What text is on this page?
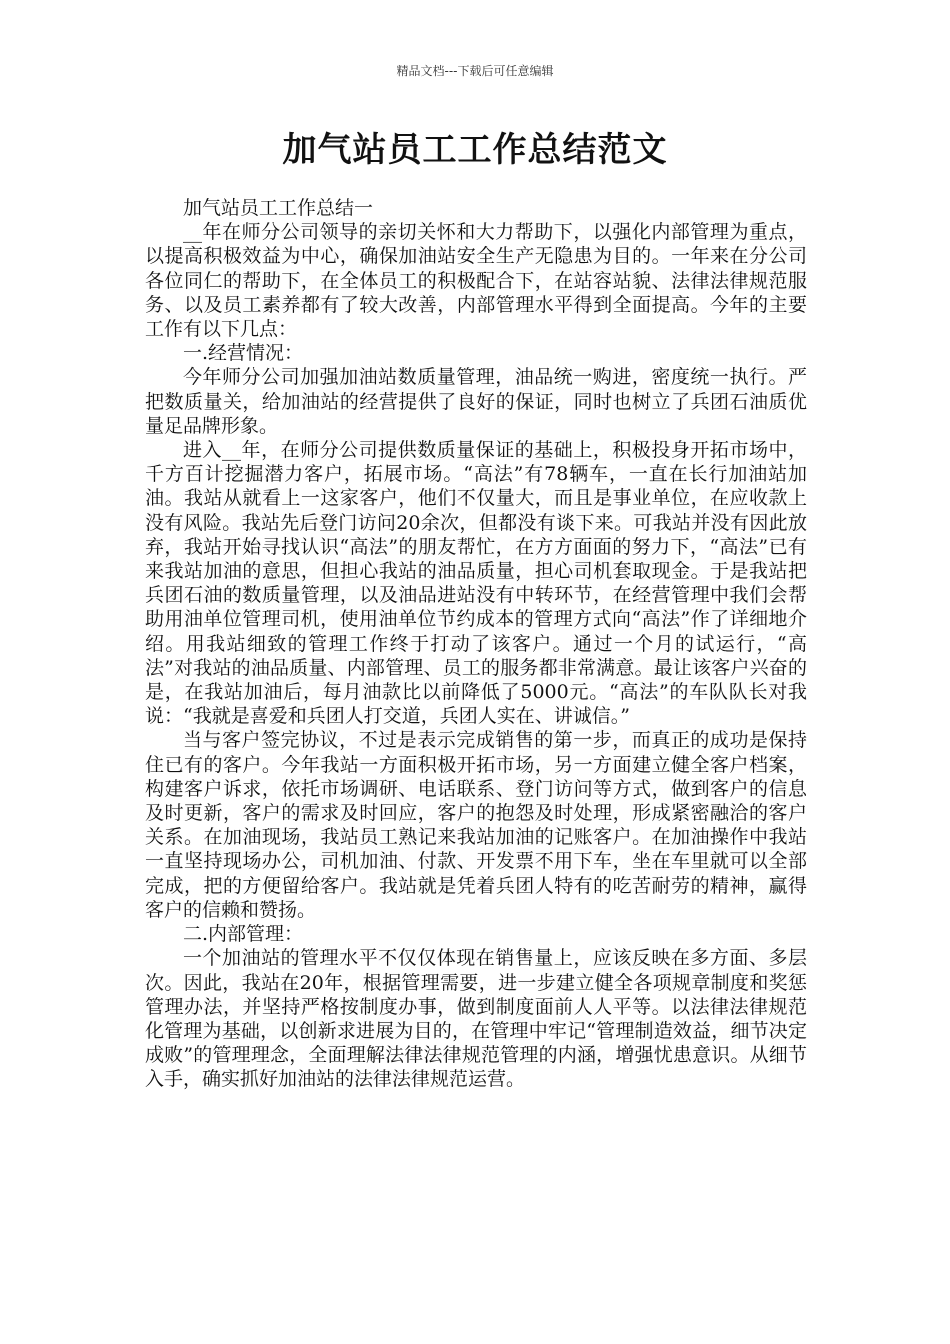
精品文档---下载后可任意编辑
加气站员工工作总结范文

加气站员工工作总结一

__年在师分公司领导的亲切关怀和大力帮助下，以强化内部管理为重点，以提高积极效益为中心，确保加油站安全生产无隐患为目的。一年来在分公司各位同仁的帮助下，在全体员工的积极配合下，在站容站貌、法律法律规范服务、以及员工素养都有了较大改善，内部管理水平得到全面提高。今年的主要工作有以下几点：

一.经营情况：

今年师分公司加强加油站数质量管理，油品统一购进，密度统一执行。严把数质量关，给加油站的经营提供了良好的保证，同时也树立了兵团石油质优量足品牌形象。

进入__年，在师分公司提供数质量保证的基础上，积极投身开拓市场中，千方百计挖掘潜力客户，拓展市场。“高法”有78辆车，一直在长行加油站加油。我站从就看上一这家客户，他们不仅量大，而且是事业单位，在应收款上没有风险。我站先后登门访问20余次，但都没有谈下来。可我站并没有因此放弃，我站开始寻找认识“高法”的朋友帮忙，在方方面面的努力下，“高法”已有来我站加油的意思，但担心我站的油品质量，担心司机套取现金。于是我站把兵团石油的数质量管理，以及油品进站没有中转环节，在经营管理中我们会帮助用油单位管理司机，使用油单位节约成本的管理方式向“高法”作了详细地介绍。用我站细致的管理工作终于打动了该客户。通过一个月的试运行，“高法”对我站的油品质量、内部管理、员工的服务都非常满意。最让该客户兴奋的是，在我站加油后，每月油款比以前降低了5000元。“高法”的车队队长对我说：“我就是喜爱和兵团人打交道，兵团人实在、讲诚信。”

当与客户签完协议，不过是表示完成销售的第一步，而真正的成功是保持住已有的客户。今年我站一方面积极开拓市场，另一方面建立健全客户档案，构建客户诉求，依托市场调研、电话联系、登门访问等方式，做到客户的信息及时更新，客户的需求及时回应，客户的抱怨及时处理，形成紧密融洽的客户关系。在加油现场，我站员工熟记来我站加油的记账客户。在加油操作中我站一直坚持现场办公，司机加油、付款、开发票不用下车，坐在车里就可以全部完成，把的方便留给客户。我站就是凭着兵团人特有的吃苦耐劳的精神，赢得客户的信赖和赞扬。

二.内部管理：

一个加油站的管理水平不仅仅体现在销售量上，应该反映在多方面、多层次。因此，我站在20年，根据管理需要，进一步建立健全各项规章制度和奖惩管理办法，并坚持严格按制度办事，做到制度面前人人平等。以法律法律规范化管理为基础，以创新求进展为目的，在管理中牢记“管理制造效益，细节决定成败”的管理理念，全面理解法律法律规范管理的内涵，增强忧患意识。从细节入手，确实抓好加油站的法律法律规范运营。
